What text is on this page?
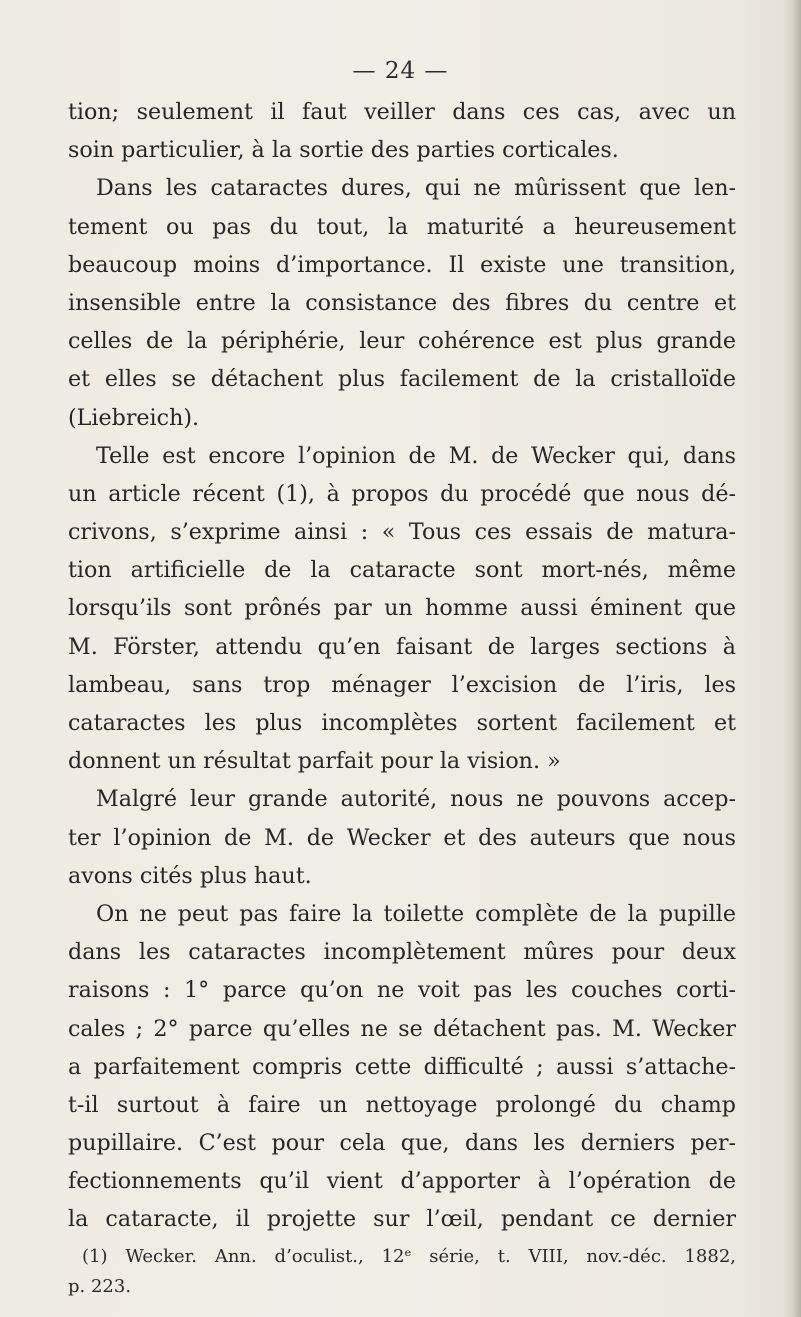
— 24 —
tion; seulement il faut veiller dans ces cas, avec un
soin particulier, à la sortie des parties corticales.
Dans les cataractes dures, qui ne mûrissent que len-
tement ou pas du tout, la maturité a heureusement
beaucoup moins d’importance. Il existe une transition,
insensible entre la consistance des fibres du centre et
celles de la périphérie, leur cohérence est plus grande
et elles se détachent plus facilement de la cristalloïde
(Liebreich).
Telle est encore l’opinion de M. de Wecker qui, dans
un article récent (1), à propos du procédé que nous dé-
crivons, s’exprime ainsi : « Tous ces essais de matura-
tion artificielle de la cataracte sont mort-nés, même
lorsqu’ils sont prônés par un homme aussi éminent que
M. Förster, attendu qu’en faisant de larges sections à
lambeau, sans trop ménager l’excision de l’iris, les
cataractes les plus incomplètes sortent facilement et
donnent un résultat parfait pour la vision. »
Malgré leur grande autorité, nous ne pouvons accep-
ter l’opinion de M. de Wecker et des auteurs que nous
avons cités plus haut.
On ne peut pas faire la toilette complète de la pupille
dans les cataractes incomplètement mûres pour deux
raisons : 1° parce qu’on ne voit pas les couches corti-
cales ; 2° parce qu’elles ne se détachent pas. M. Wecker
a parfaitement compris cette difficulté ; aussi s’attache-
t-il surtout à faire un nettoyage prolongé du champ
pupillaire. C’est pour cela que, dans les derniers per-
fectionnements qu’il vient d’apporter à l’opération de
la cataracte, il projette sur l’œil, pendant ce dernier
(1) Wecker. Ann. d’oculist., 12ᵉ série, t. VIII, nov.-déc. 1882,
p. 223.
